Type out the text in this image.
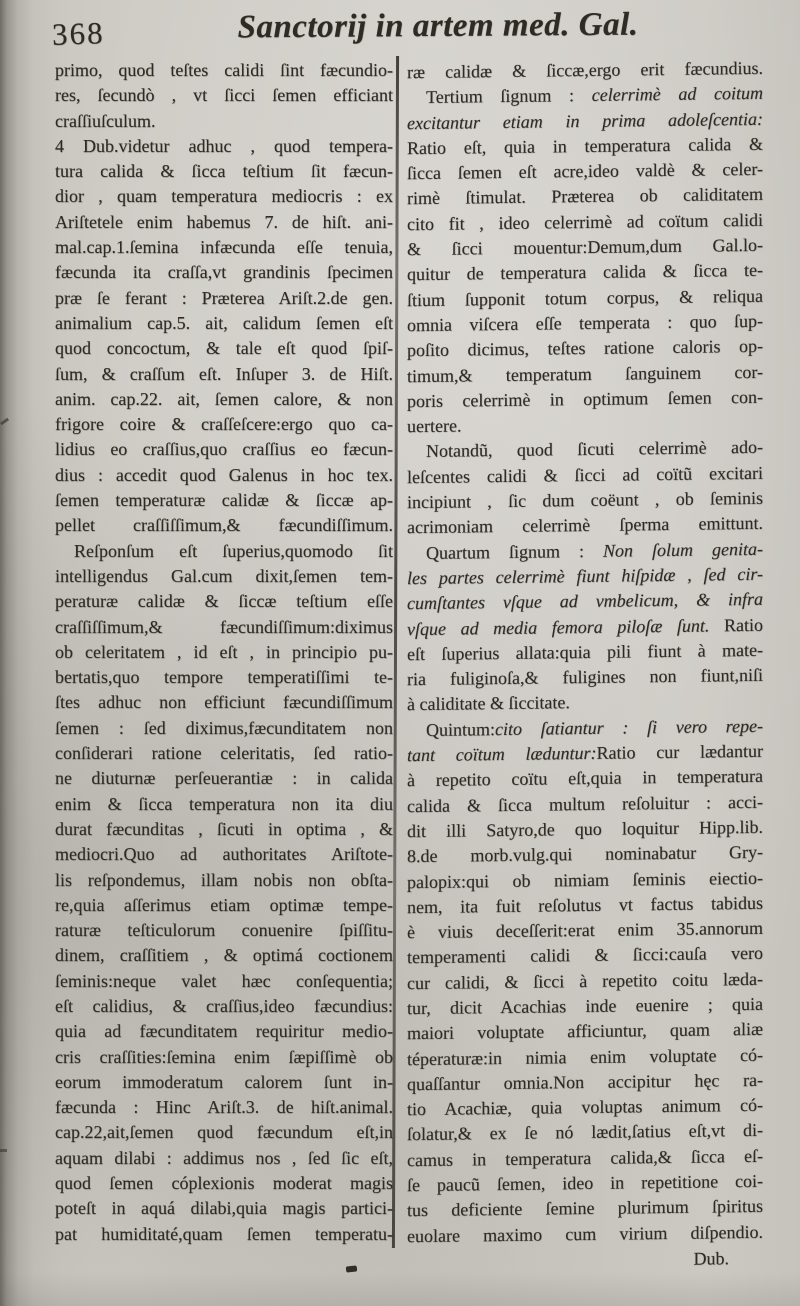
368	Sanctorij in artem med. Gal.
primo, quod teſtes calidi ſint fæcundio-
res, ſecundò , vt ſicci ſemen efficiant
craſſiuſculum.
4 Dub.videtur adhuc , quod tempera-
tura calida & ſicca teſtium ſit fæcun-
dior , quam temperatura mediocris : ex
Ariſtetele enim habemus 7. de hiſt. ani-
mal.cap.1.ſemina infæcunda eſſe tenuia,
fæcunda ita craſſa,vt grandinis ſpecimen
præ ſe ferant : Præterea Ariſt.2.de gen.
animalium cap.5. ait, calidum ſemen eſt
quod concoctum, & tale eſt quod ſpiſ-
ſum, & craſſum eſt. Inſuper 3. de Hiſt.
anim. cap.22. ait, ſemen calore, & non
frigore coire & craſſeſcere:ergo quo ca-
lidius eo craſſius,quo craſſius eo fæcun-
dius : accedit quod Galenus in hoc tex.
ſemen temperaturæ calidæ & ſiccæ ap-
pellet craſſiſſimum,& fæcundiſſimum.
Reſponſum eſt ſuperius,quomodo ſit
intelligendus Gal.cum dixit,ſemen tem-
peraturæ calidæ & ſiccæ teſtium eſſe
craſſiſſimum,& fæcundiſſimum:diximus
ob celeritatem , id eſt , in principio pu-
bertatis,quo tempore temperatiſſimi te-
ſtes adhuc non efficiunt fæcundiſſimum
ſemen : ſed diximus,fæcunditatem non
conſiderari ratione celeritatis, ſed ratio-
ne diuturnæ perſeuerantiæ : in calida
enim & ſicca temperatura non ita diu
durat fæcunditas , ſicuti in optima , &
mediocri.Quo ad authoritates Ariſtote-
lis reſpondemus, illam nobis non obſta-
re,quia aſſerimus etiam optimæ tempe-
raturæ teſticulorum conuenire ſpiſſitu-
dinem, craſſitiem , & optimá coctionem
ſeminis:neque valet hæc conſequentia;
eſt calidius, & craſſius,ideo fæcundius:
quia ad fæcunditatem requiritur medio-
cris craſſities:ſemina enim ſæpiſſimè ob
eorum immoderatum calorem ſunt in-
fæcunda : Hinc Ariſt.3. de hiſt.animal.
cap.22,ait,ſemen quod fæcundum eſt,in
aquam dilabi : addimus nos , ſed ſic eſt,
quod ſemen cóplexionis moderat magis
poteſt in aquá dilabi,quia magis partici-
pat humiditaté,quam ſemen temperatu-
ræ calidæ & ſiccæ,ergo erit fæcundius.
Tertium ſignum : celerrimè ad coitum
excitantur etiam in prima adoleſcentia:
Ratio eſt, quia in temperatura calida &
ſicca ſemen eſt acre,ideo valdè & celer-
rimè ſtimulat. Præterea ob caliditatem
cito fit , ideo celerrimè ad coïtum calidi
& ſicci mouentur:Demum,dum Gal.lo-
quitur de temperatura calida & ſicca te-
ſtium ſupponit totum corpus, & reliqua
omnia viſcera eſſe temperata : quo ſup-
poſito dicimus, teſtes ratione caloris op-
timum,& temperatum ſanguinem cor-
poris celerrimè in optimum ſemen con-
uertere.
Notandũ, quod ſicuti celerrimè ado-
leſcentes calidi & ſicci ad coïtũ excitari
incipiunt , ſic dum coëunt , ob ſeminis
acrimoniam celerrimè ſperma emittunt.
Quartum ſignum : Non ſolum genita-
les partes celerrimè fiunt hiſpidæ , ſed cir-
cumſtantes vſque ad vmbelicum, & infra
vſque ad media femora piloſæ ſunt. Ratio
eſt ſuperius allata:quia pili fiunt à mate-
ria fuliginoſa,& fuligines non fiunt,niſi
à caliditate & ſiccitate.
Quintum:cito ſatiantur : ſi vero repe-
tant coïtum læduntur:Ratio cur lædantur
à repetito coïtu eſt,quia in temperatura
calida & ſicca multum reſoluitur : acci-
dit illi Satyro,de quo loquitur Hipp.lib.
8.de morb.vulg.qui nominabatur Gry-
palopix:qui ob nimiam ſeminis eiectio-
nem, ita fuit reſolutus vt factus tabidus
è viuis deceſſerit:erat enim 35.annorum
temperamenti calidi & ſicci:cauſa vero
cur calidi, & ſicci à repetito coitu læda-
tur, dicit Acachias inde euenire ; quia
maiori voluptate afficiuntur, quam aliæ
téperaturæ:in nimia enim voluptate có-
quaſſantur omnia.Non accipitur hęc ra-
tio Acachiæ, quia voluptas animum có-
ſolatur,& ex ſe nó lædit,ſatius eſt,vt di-
camus in temperatura calida,& ſicca eſ-
ſe paucũ ſemen, ideo in repetitione coi-
tus deficiente ſemine plurimum ſpiritus
euolare maximo cum virium diſpendio.
Dub.
